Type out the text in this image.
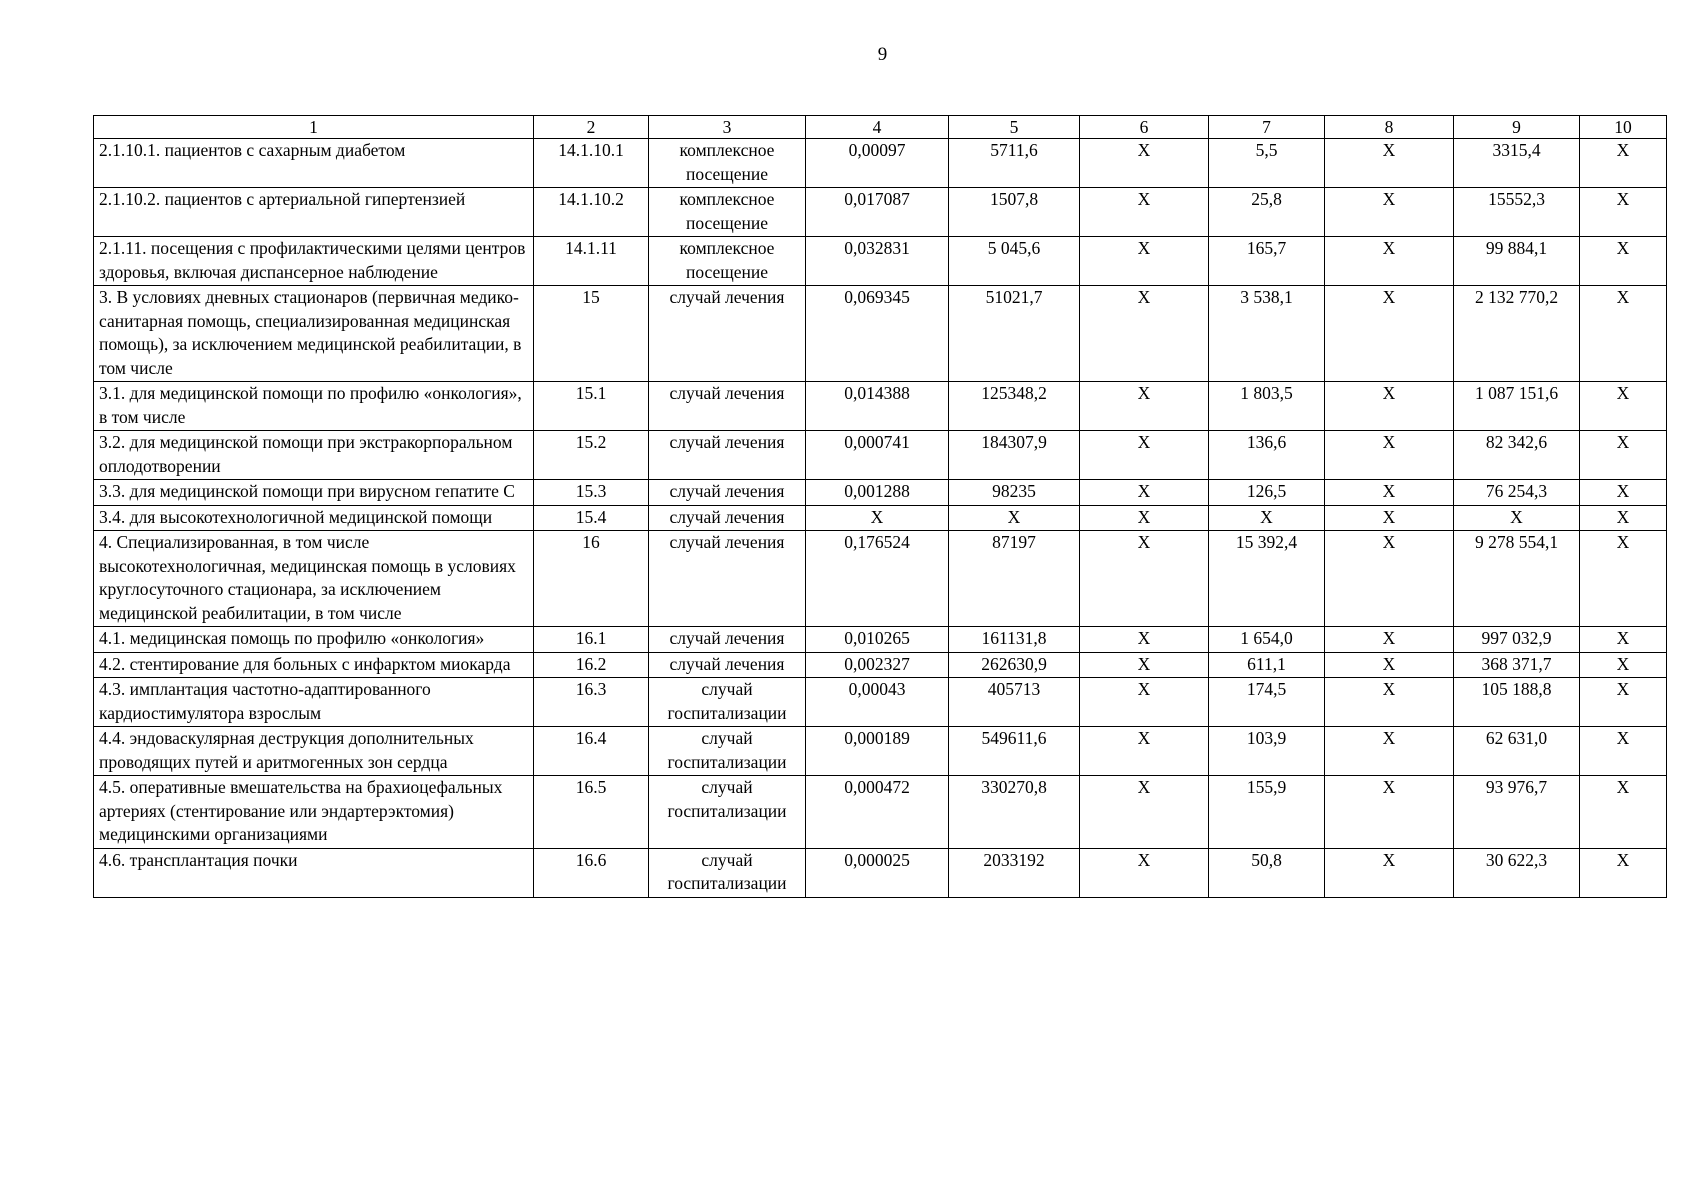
9
1	2	3	4	5	6	7	8	9	10
2.1.10.1. пациентов с сахарным диабетом	14.1.10.1	комплексное посещение	0,00097	5711,6	X	5,5	X	3315,4	X
2.1.10.2. пациентов с артериальной гипертензией	14.1.10.2	комплексное посещение	0,017087	1507,8	X	25,8	X	15552,3	X
2.1.11. посещения с профилактическими целями центров здоровья, включая диспансерное наблюдение	14.1.11	комплексное посещение	0,032831	5 045,6	X	165,7	X	99 884,1	X
3. В условиях дневных стационаров (первичная медико-санитарная помощь, специализированная медицинская помощь), за исключением медицинской реабилитации, в том числе	15	случай лечения	0,069345	51021,7	X	3 538,1	X	2 132 770,2	X
3.1. для медицинской помощи по профилю «онкология», в том числе	15.1	случай лечения	0,014388	125348,2	X	1 803,5	X	1 087 151,6	X
3.2. для медицинской помощи при экстракорпоральном оплодотворении	15.2	случай лечения	0,000741	184307,9	X	136,6	X	82 342,6	X
3.3. для медицинской помощи при вирусном гепатите С	15.3	случай лечения	0,001288	98235	X	126,5	X	76 254,3	X
3.4. для высокотехнологичной медицинской помощи	15.4	случай лечения	X	X	X	X	X	X	X
4. Специализированная, в том числе высокотехнологичная, медицинская помощь в условиях круглосуточного стационара, за исключением медицинской реабилитации, в том числе	16	случай лечения	0,176524	87197	X	15 392,4	X	9 278 554,1	X
4.1. медицинская помощь по профилю «онкология»	16.1	случай лечения	0,010265	161131,8	X	1 654,0	X	997 032,9	X
4.2. стентирование для больных с инфарктом миокарда	16.2	случай лечения	0,002327	262630,9	X	611,1	X	368 371,7	X
4.3. имплантация частотно-адаптированного кардиостимулятора взрослым	16.3	случай госпитализации	0,00043	405713	X	174,5	X	105 188,8	X
4.4. эндоваскулярная деструкция дополнительных проводящих путей и аритмогенных зон сердца	16.4	случай госпитализации	0,000189	549611,6	X	103,9	X	62 631,0	X
4.5. оперативные вмешательства на брахиоцефальных артериях (стентирование или эндартерэктомия) медицинскими организациями	16.5	случай госпитализации	0,000472	330270,8	X	155,9	X	93 976,7	X
4.6. трансплантация почки	16.6	случай госпитализации	0,000025	2033192	X	50,8	X	30 622,3	X
